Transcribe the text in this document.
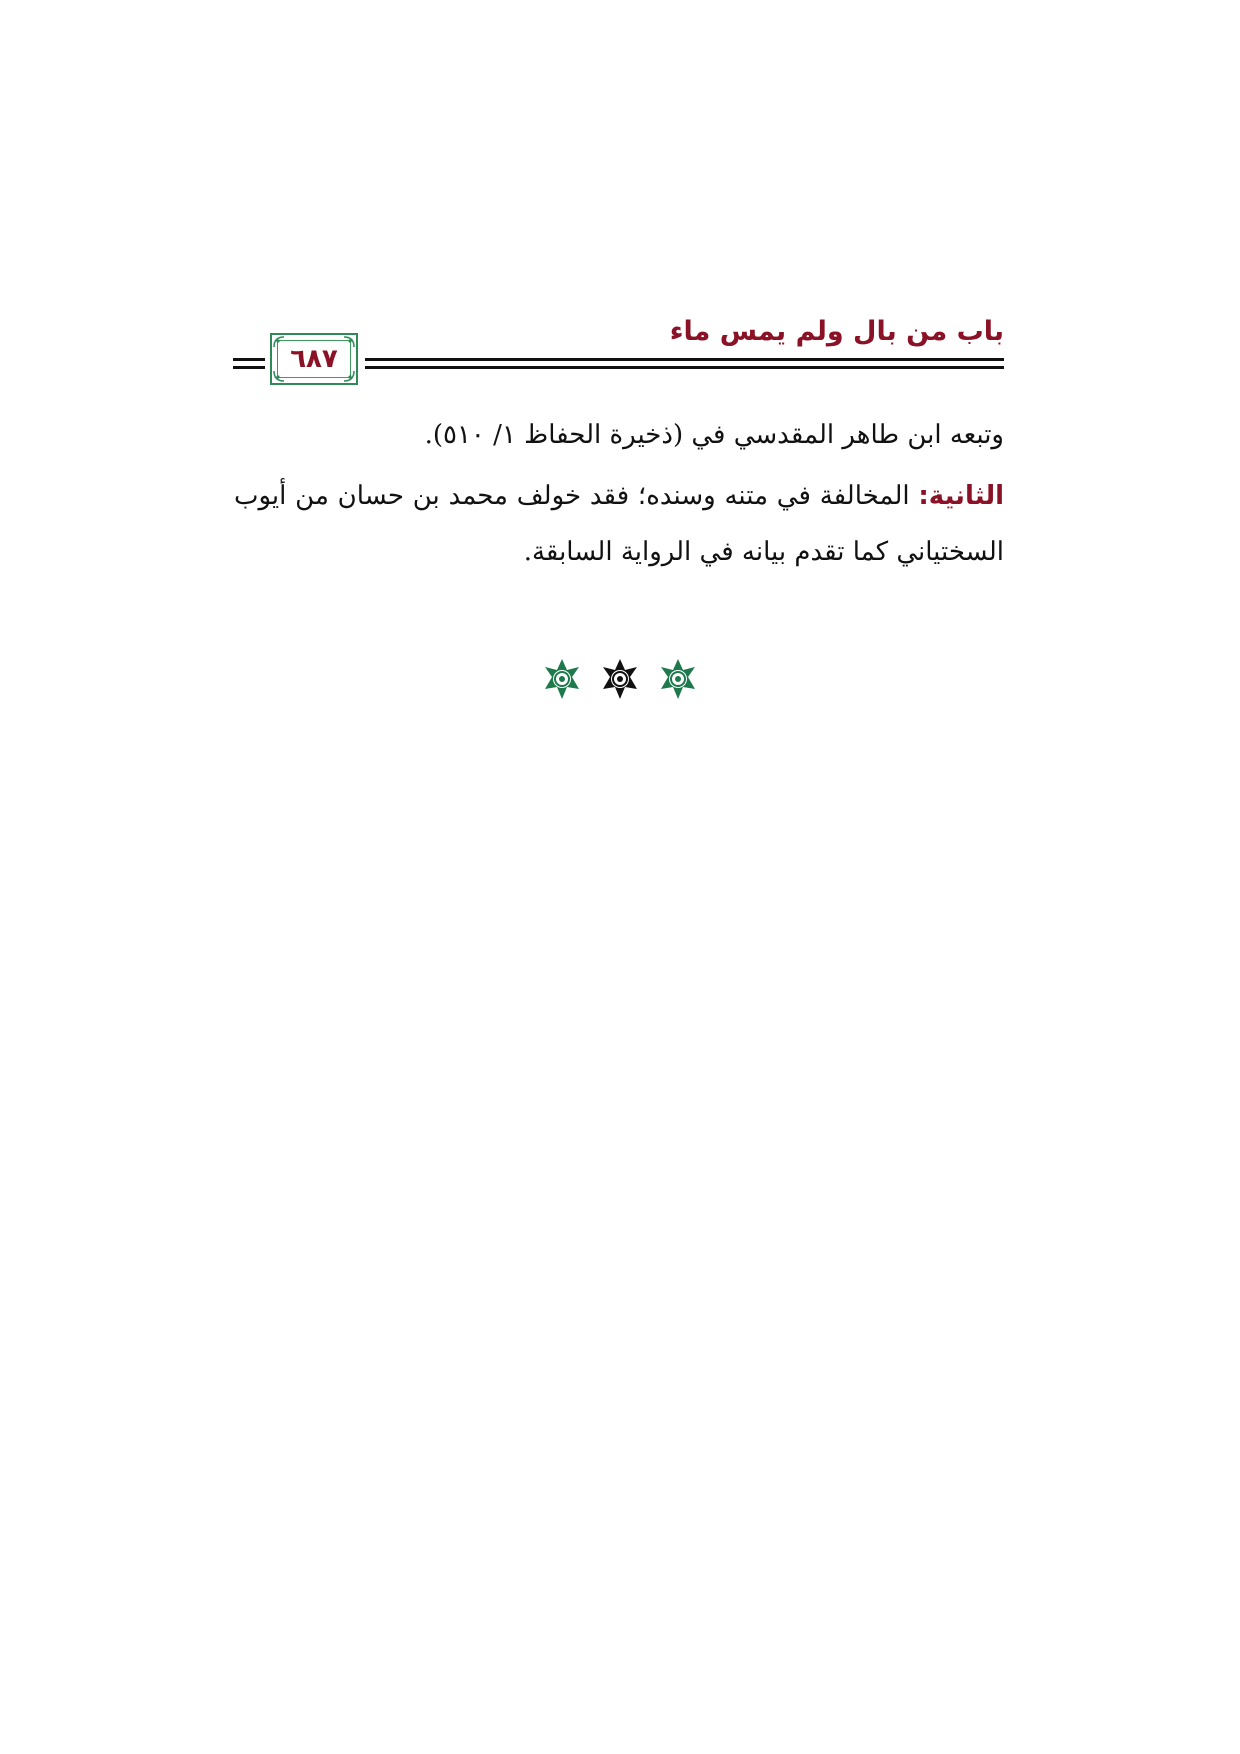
باب من بال ولم يمس ماء
٦٨٧

وتبعه ابن طاهر المقدسي في (ذخيرة الحفاظ ١/ ٥١٠).

الثانية: المخالفة في متنه وسنده؛ فقد خولف محمد بن حسان من أيوب السختياني كما تقدم بيانه في الرواية السابقة.
